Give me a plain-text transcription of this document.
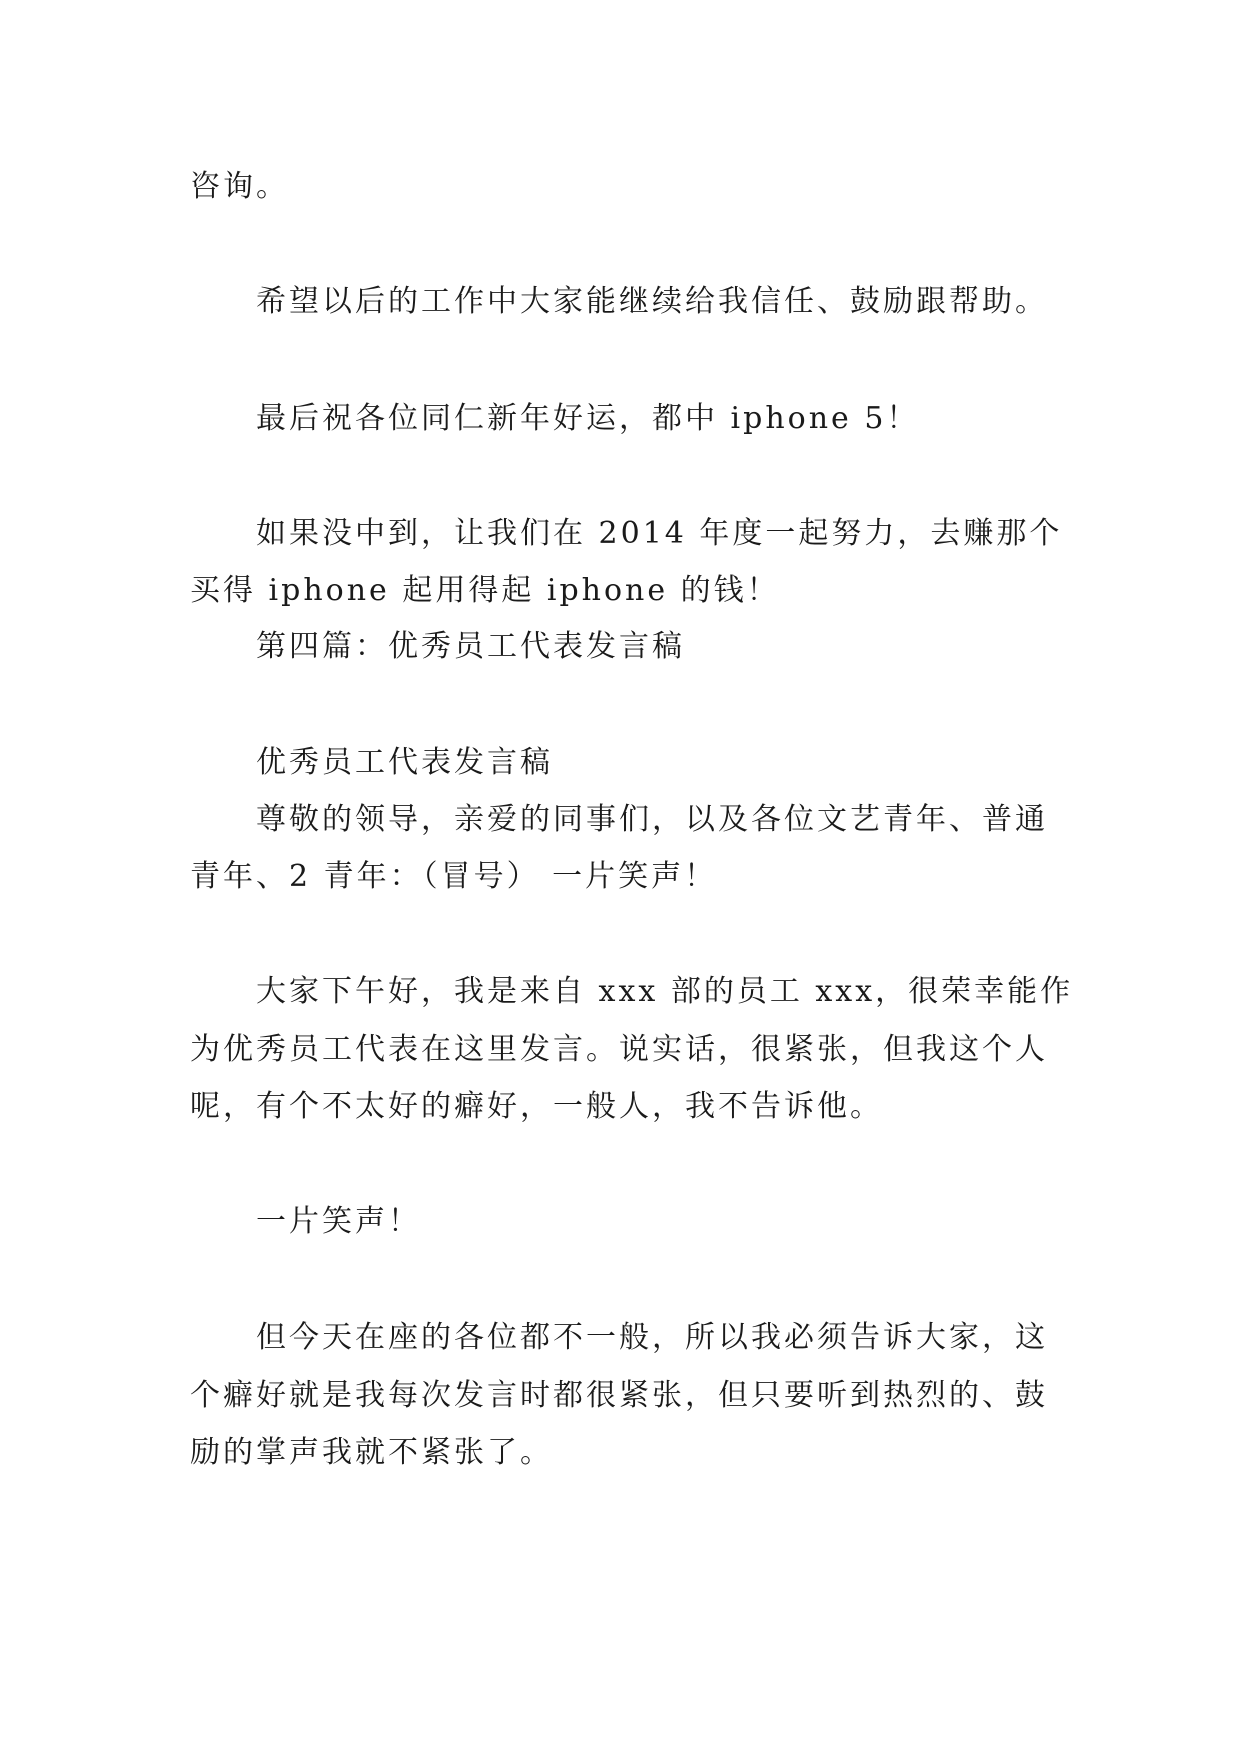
咨询。
希望以后的工作中大家能继续给我信任、鼓励跟帮助。
最后祝各位同仁新年好运，都中 iphone 5！
如果没中到，让我们在 2014 年度一起努力，去赚那个
买得 iphone 起用得起 iphone 的钱！
第四篇：优秀员工代表发言稿
优秀员工代表发言稿
尊敬的领导，亲爱的同事们，以及各位文艺青年、普通
青年、2 青年：（冒号） 一片笑声！
大家下午好，我是来自 xxx 部的员工 xxx，很荣幸能作
为优秀员工代表在这里发言。说实话，很紧张，但我这个人
呢，有个不太好的癖好，一般人，我不告诉他。
一片笑声！
但今天在座的各位都不一般，所以我必须告诉大家，这
个癖好就是我每次发言时都很紧张，但只要听到热烈的、鼓
励的掌声我就不紧张了。
